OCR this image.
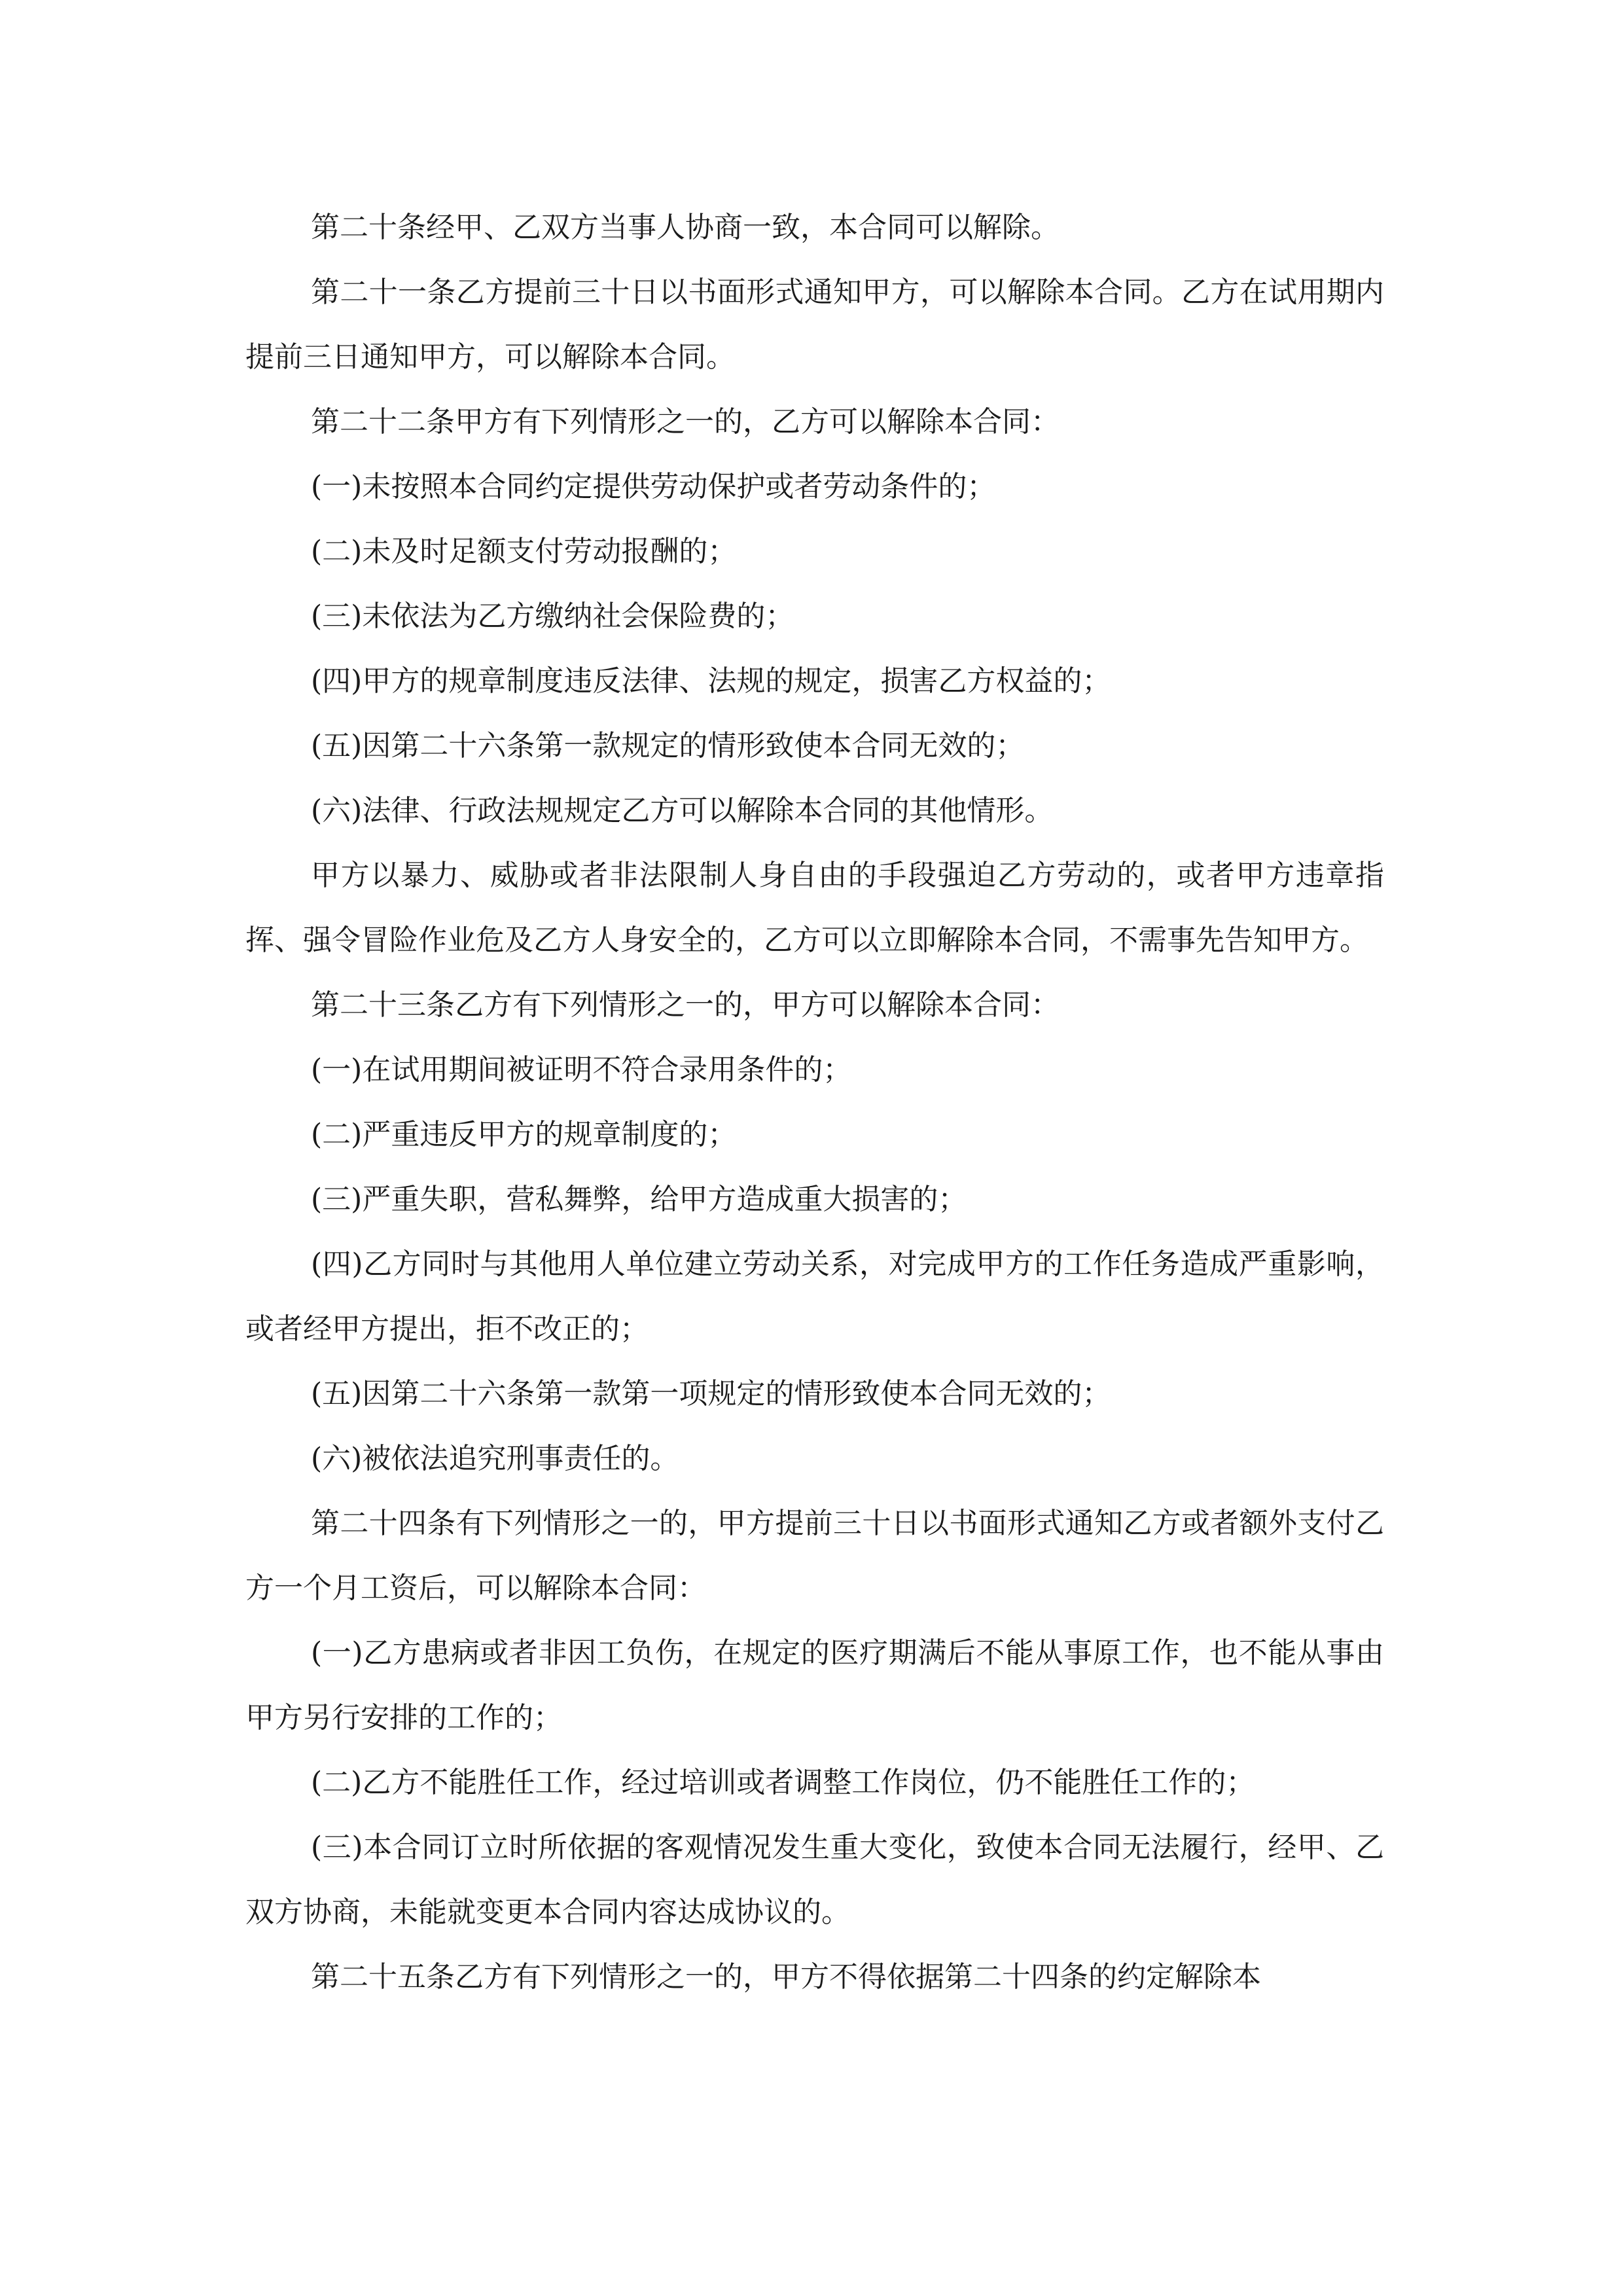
第二十条经甲、乙双方当事人协商一致，本合同可以解除。

第二十一条乙方提前三十日以书面形式通知甲方，可以解除本合同。乙方在试用期内提前三日通知甲方，可以解除本合同。

第二十二条甲方有下列情形之一的，乙方可以解除本合同：

(一)未按照本合同约定提供劳动保护或者劳动条件的；

(二)未及时足额支付劳动报酬的；

(三)未依法为乙方缴纳社会保险费的；

(四)甲方的规章制度违反法律、法规的规定，损害乙方权益的；

(五)因第二十六条第一款规定的情形致使本合同无效的；

(六)法律、行政法规规定乙方可以解除本合同的其他情形。

甲方以暴力、威胁或者非法限制人身自由的手段强迫乙方劳动的，或者甲方违章指挥、强令冒险作业危及乙方人身安全的，乙方可以立即解除本合同，不需事先告知甲方。

第二十三条乙方有下列情形之一的，甲方可以解除本合同：

(一)在试用期间被证明不符合录用条件的；

(二)严重违反甲方的规章制度的；

(三)严重失职，营私舞弊，给甲方造成重大损害的；

(四)乙方同时与其他用人单位建立劳动关系，对完成甲方的工作任务造成严重影响，或者经甲方提出，拒不改正的；

(五)因第二十六条第一款第一项规定的情形致使本合同无效的；

(六)被依法追究刑事责任的。

第二十四条有下列情形之一的，甲方提前三十日以书面形式通知乙方或者额外支付乙方一个月工资后，可以解除本合同：

(一)乙方患病或者非因工负伤，在规定的医疗期满后不能从事原工作，也不能从事由甲方另行安排的工作的；

(二)乙方不能胜任工作，经过培训或者调整工作岗位，仍不能胜任工作的；

(三)本合同订立时所依据的客观情况发生重大变化，致使本合同无法履行，经甲、乙双方协商，未能就变更本合同内容达成协议的。

第二十五条乙方有下列情形之一的，甲方不得依据第二十四条的约定解除本
